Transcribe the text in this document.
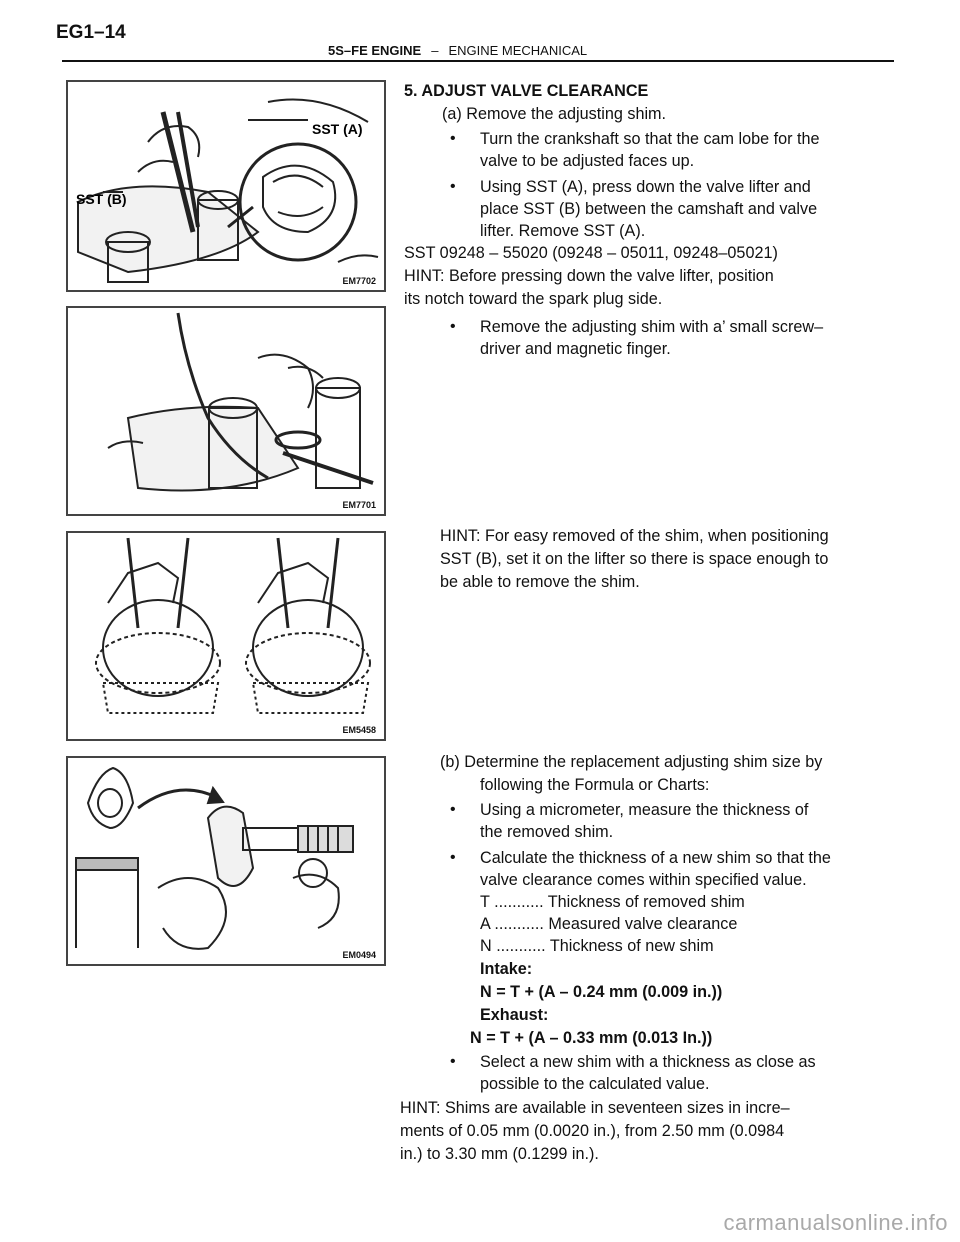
EG1–14
5S–FE ENGINE – ENGINE MECHANICAL
SST (A)
SST (B)
EM7702
EM7701
EM5458
EM0494
5. ADJUST VALVE CLEARANCE
(a) Remove the adjusting shim.
• Turn the crankshaft so that the cam lobe for the
valve to be adjusted faces up.
• Using SST (A), press down the valve lifter and
place SST (B) between the camshaft and valve
lifter. Remove SST (A).
SST 09248 – 55020 (09248 – 05011, 09248–05021)
HINT: Before pressing down the valve lifter, position
its notch toward the spark plug side.
• Remove the adjusting shim with a’ small screw–
driver and magnetic finger.
HINT: For easy removed of the shim, when positioning
SST (B), set it on the lifter so there is space enough to
be able to remove the shim.
(b) Determine the replacement adjusting shim size by
following the Formula or Charts:
• Using a micrometer, measure the thickness of
the removed shim.
• Calculate the thickness of a new shim so that the
valve clearance comes within specified value.
T ........... Thickness of removed shim
A ........... Measured valve clearance
N ........... Thickness of new shim
Intake:
N = T + (A – 0.24 mm (0.009 in.))
Exhaust:
N = T + (A – 0.33 mm (0.013 In.))
• Select a new shim with a thickness as close as
possible to the calculated value.
HINT: Shims are available in seventeen sizes in incre–
ments of 0.05 mm (0.0020 in.), from 2.50 mm (0.0984
in.) to 3.30 mm (0.1299 in.).
carmanualsonline.info
